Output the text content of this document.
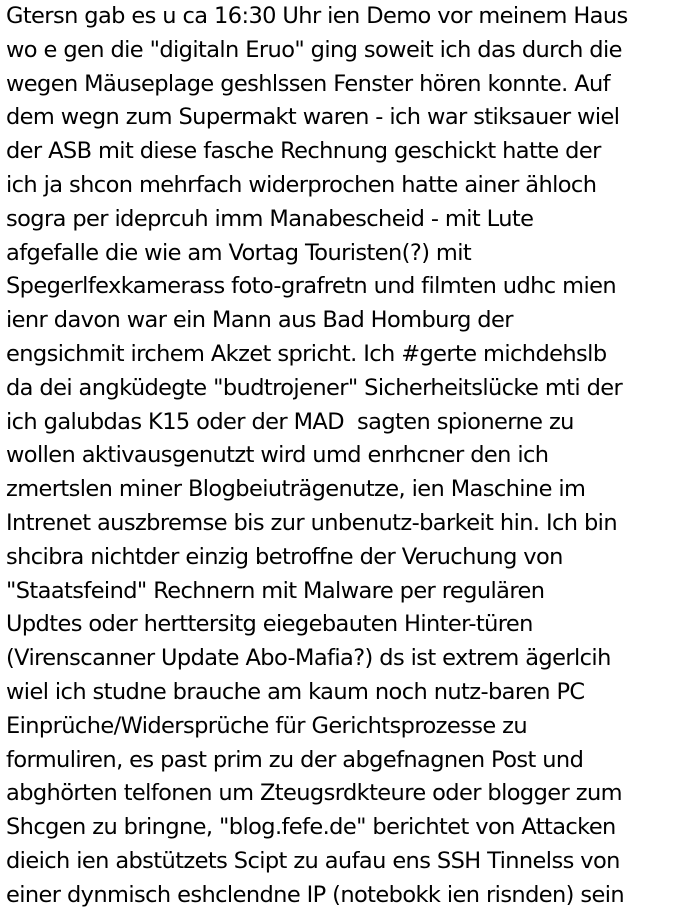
Gtersn gab es u ca 16:30 Uhr ien Demo vor meinem Haus
wo e gen die "digitaln Eruo" ging soweit ich das durch die
wegen Mäuseplage geshlssen Fenster hören konnte. Auf
dem wegn zum Supermakt waren - ich war stiksauer wiel
der ASB mit diese fasche Rechnung geschickt hatte der
ich ja shcon mehrfach widerprochen hatte ainer ähloch
sogra per ideprcuh imm Manabescheid - mit Lute
afgefalle die wie am Vortag Touristen(?) mit
Spegerlfexkamerass foto-grafretn und filmten udhc mien
ienr davon war ein Mann aus Bad Homburg der
engsichmit irchem Akzet spricht. Ich #gerte michdehslb
da dei angküdegte "budtrojener" Sicherheitslücke mti der
ich galubdas K15 oder der MAD  sagten spionerne zu
wollen aktivausgenutzt wird umd enrhcner den ich
zmertslen miner Blogbeiuträgenutze, ien Maschine im
Intrenet auszbremse bis zur unbenutz-barkeit hin. Ich bin
shcibra nichtder einzig betroffne der Veruchung von
"Staatsfeind" Rechnern mit Malware per regulären
Updtes oder herttersitg eiegebauten Hinter-türen
(Virenscanner Update Abo-Mafia?) ds ist extrem ägerlcih
wiel ich studne brauche am kaum noch nutz-baren PC
Einprüche/Widersprüche für Gerichtsprozesse zu
formuliren, es past prim zu der abgefnagnen Post und
abghörten telfonen um Zteugsrdkteure oder blogger zum
Shcgen zu bringne, "blog.fefe.de" berichtet von Attacken
dieich ien abstützets Scipt zu aufau ens SSH Tinnelss von
einer dynmisch eshclendne IP (notebokk ien risnden) sein
